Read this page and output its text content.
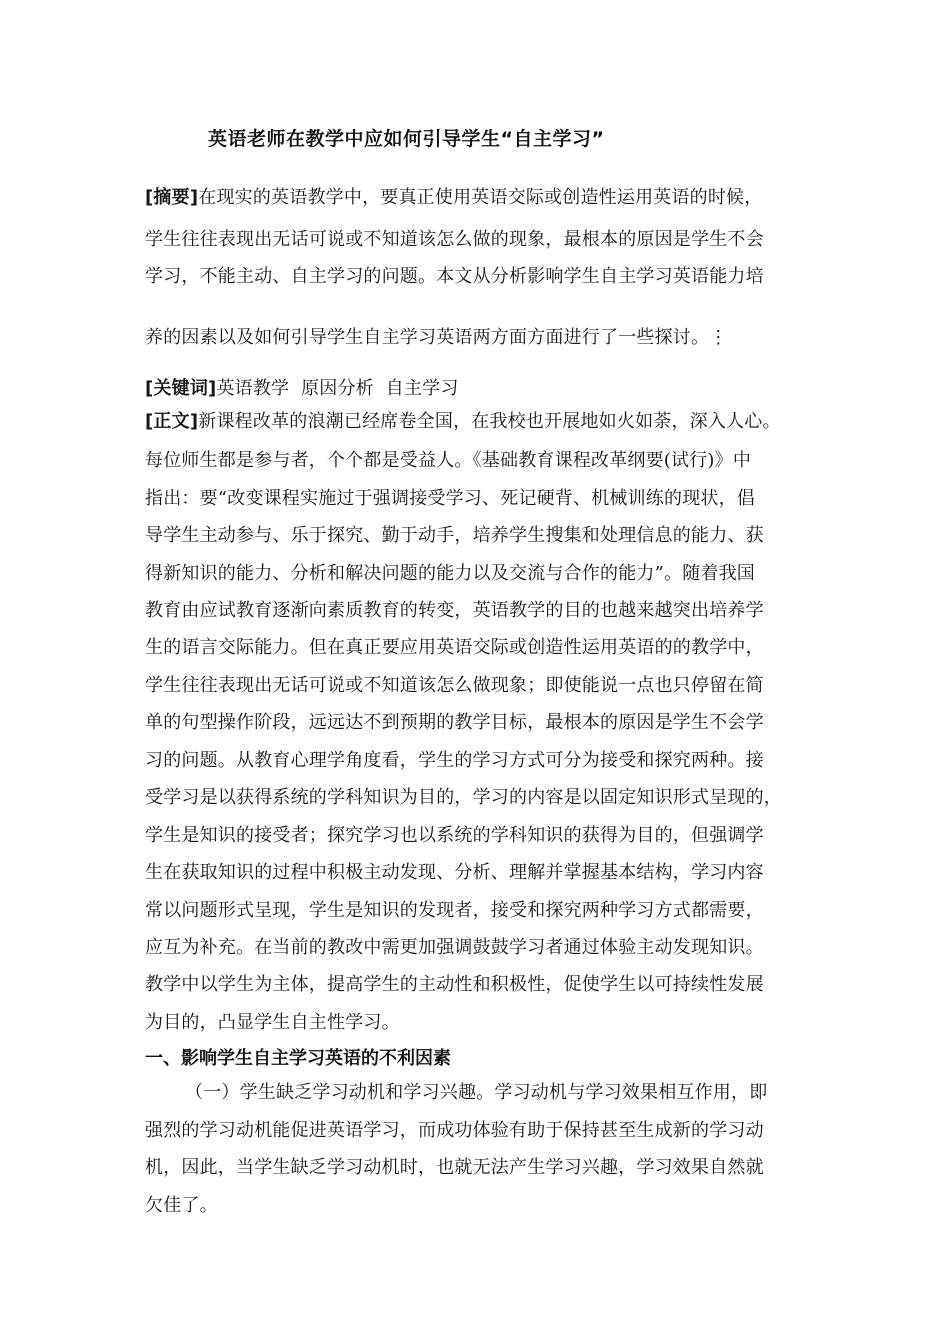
英语老师在教学中应如何引导学生“自主学习”
[摘要]在现实的英语教学中，要真正使用英语交际或创造性运用英语的时候，
学生往往表现出无话可说或不知道该怎么做的现象，最根本的原因是学生不会
学习，不能主动、自主学习的问题。本文从分析影响学生自主学习英语能力培
养的因素以及如何引导学生自主学习英语两方面方面进行了一些探讨。⋮
[关键词]英语教学  原因分析  自主学习
[正文]新课程改革的浪潮已经席卷全国，在我校也开展地如火如荼，深入人心。
每位师生都是参与者，个个都是受益人。《基础教育课程改革纲要(试行)》中
指出：要“改变课程实施过于强调接受学习、死记硬背、机械训练的现状，倡
导学生主动参与、乐于探究、勤于动手，培养学生搜集和处理信息的能力、获
得新知识的能力、分析和解决问题的能力以及交流与合作的能力”。随着我国
教育由应试教育逐渐向素质教育的转变，英语教学的目的也越来越突出培养学
生的语言交际能力。但在真正要应用英语交际或创造性运用英语的的教学中，
学生往往表现出无话可说或不知道该怎么做现象；即使能说一点也只停留在简
单的句型操作阶段，远远达不到预期的教学目标，最根本的原因是学生不会学
习的问题。从教育心理学角度看，学生的学习方式可分为接受和探究两种。接
受学习是以获得系统的学科知识为目的，学习的内容是以固定知识形式呈现的，
学生是知识的接受者；探究学习也以系统的学科知识的获得为目的，但强调学
生在获取知识的过程中积极主动发现、分析、理解并掌握基本结构，学习内容
常以问题形式呈现，学生是知识的发现者，接受和探究两种学习方式都需要，
应互为补充。在当前的教改中需更加强调鼓鼓学习者通过体验主动发现知识。
教学中以学生为主体，提高学生的主动性和积极性，促使学生以可持续性发展
为目的，凸显学生自主性学习。
一、影响学生自主学习英语的不利因素
（一）学生缺乏学习动机和学习兴趣。学习动机与学习效果相互作用，即
强烈的学习动机能促进英语学习，而成功体验有助于保持甚至生成新的学习动
机，因此，当学生缺乏学习动机时，也就无法产生学习兴趣，学习效果自然就
欠佳了。
